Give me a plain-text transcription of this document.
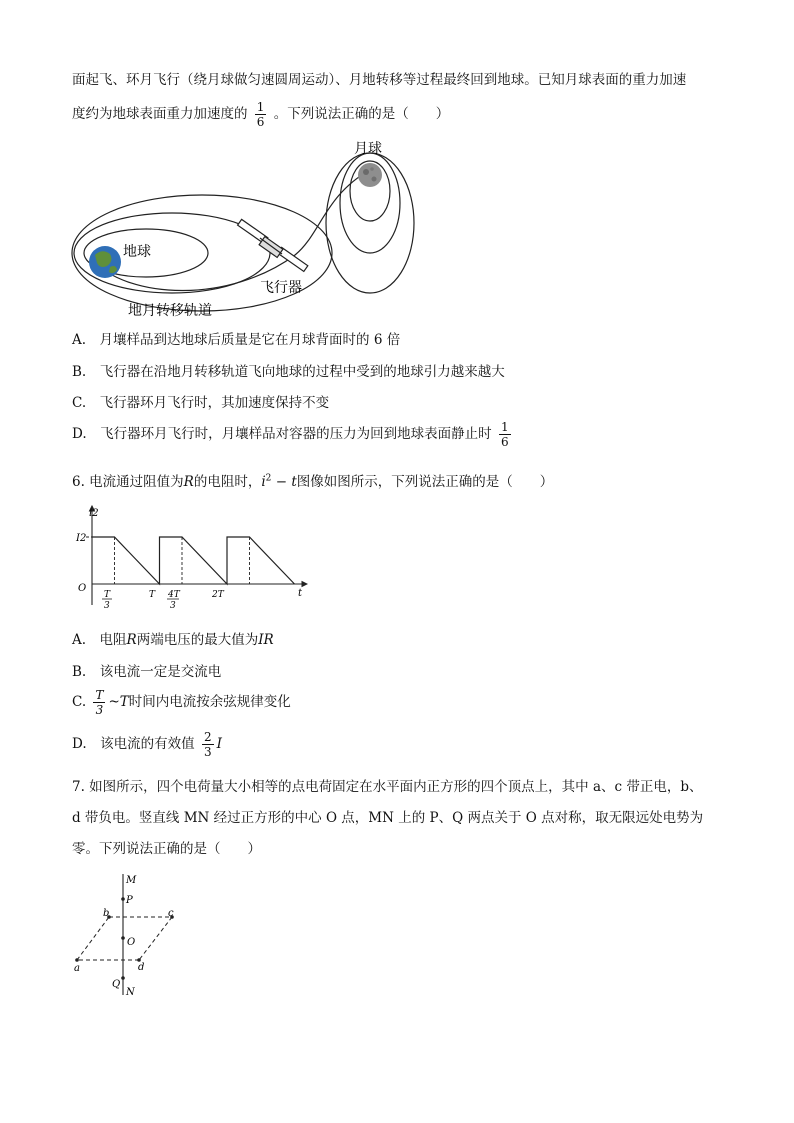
面起飞、环月飞行（绕月球做匀速圆周运动）、月地转移等过程最终回到地球。已知月球表面的重力加速
度约为地球表面重力加速度的 $\frac{1}{6}$ 。下列说法正确的是（　　）
地球
月球
飞行器
地月转移轨道
A.　月壤样品到达地球后质量是它在月球背面时的 6 倍
B.　飞行器在沿地月转移轨道飞向地球的过程中受到的地球引力越来越大
C.　飞行器环月飞行时，其加速度保持不变
D.　飞行器环月飞行时，月壤样品对容器的压力为回到地球表面静止时 $\frac{1}{6}$
6. 电流通过阻值为R的电阻时，$i^2 - t$图像如图所示，下列说法正确的是（　　）
i2
I2
O	t
T
3
T 4T
3
2T
A.　电阻R两端电压的最大值为IR
B.　该电流一定是交流电
C. $\frac{T}{3}$ ~T时间内电流按余弦规律变化
D.　该电流的有效值 $\frac{2}{3}$ I
7. 如图所示，四个电荷量大小相等的点电荷固定在水平面内正方形的四个顶点上，其中 a、c 带正电，b、
d 带负电。竖直线 MN 经过正方形的中心 O 点，MN 上的 P、Q 两点关于 O 点对称，取无限远处电势为
零。下列说法正确的是（　　）
M
P
b	c
O
a	d
Q
N
